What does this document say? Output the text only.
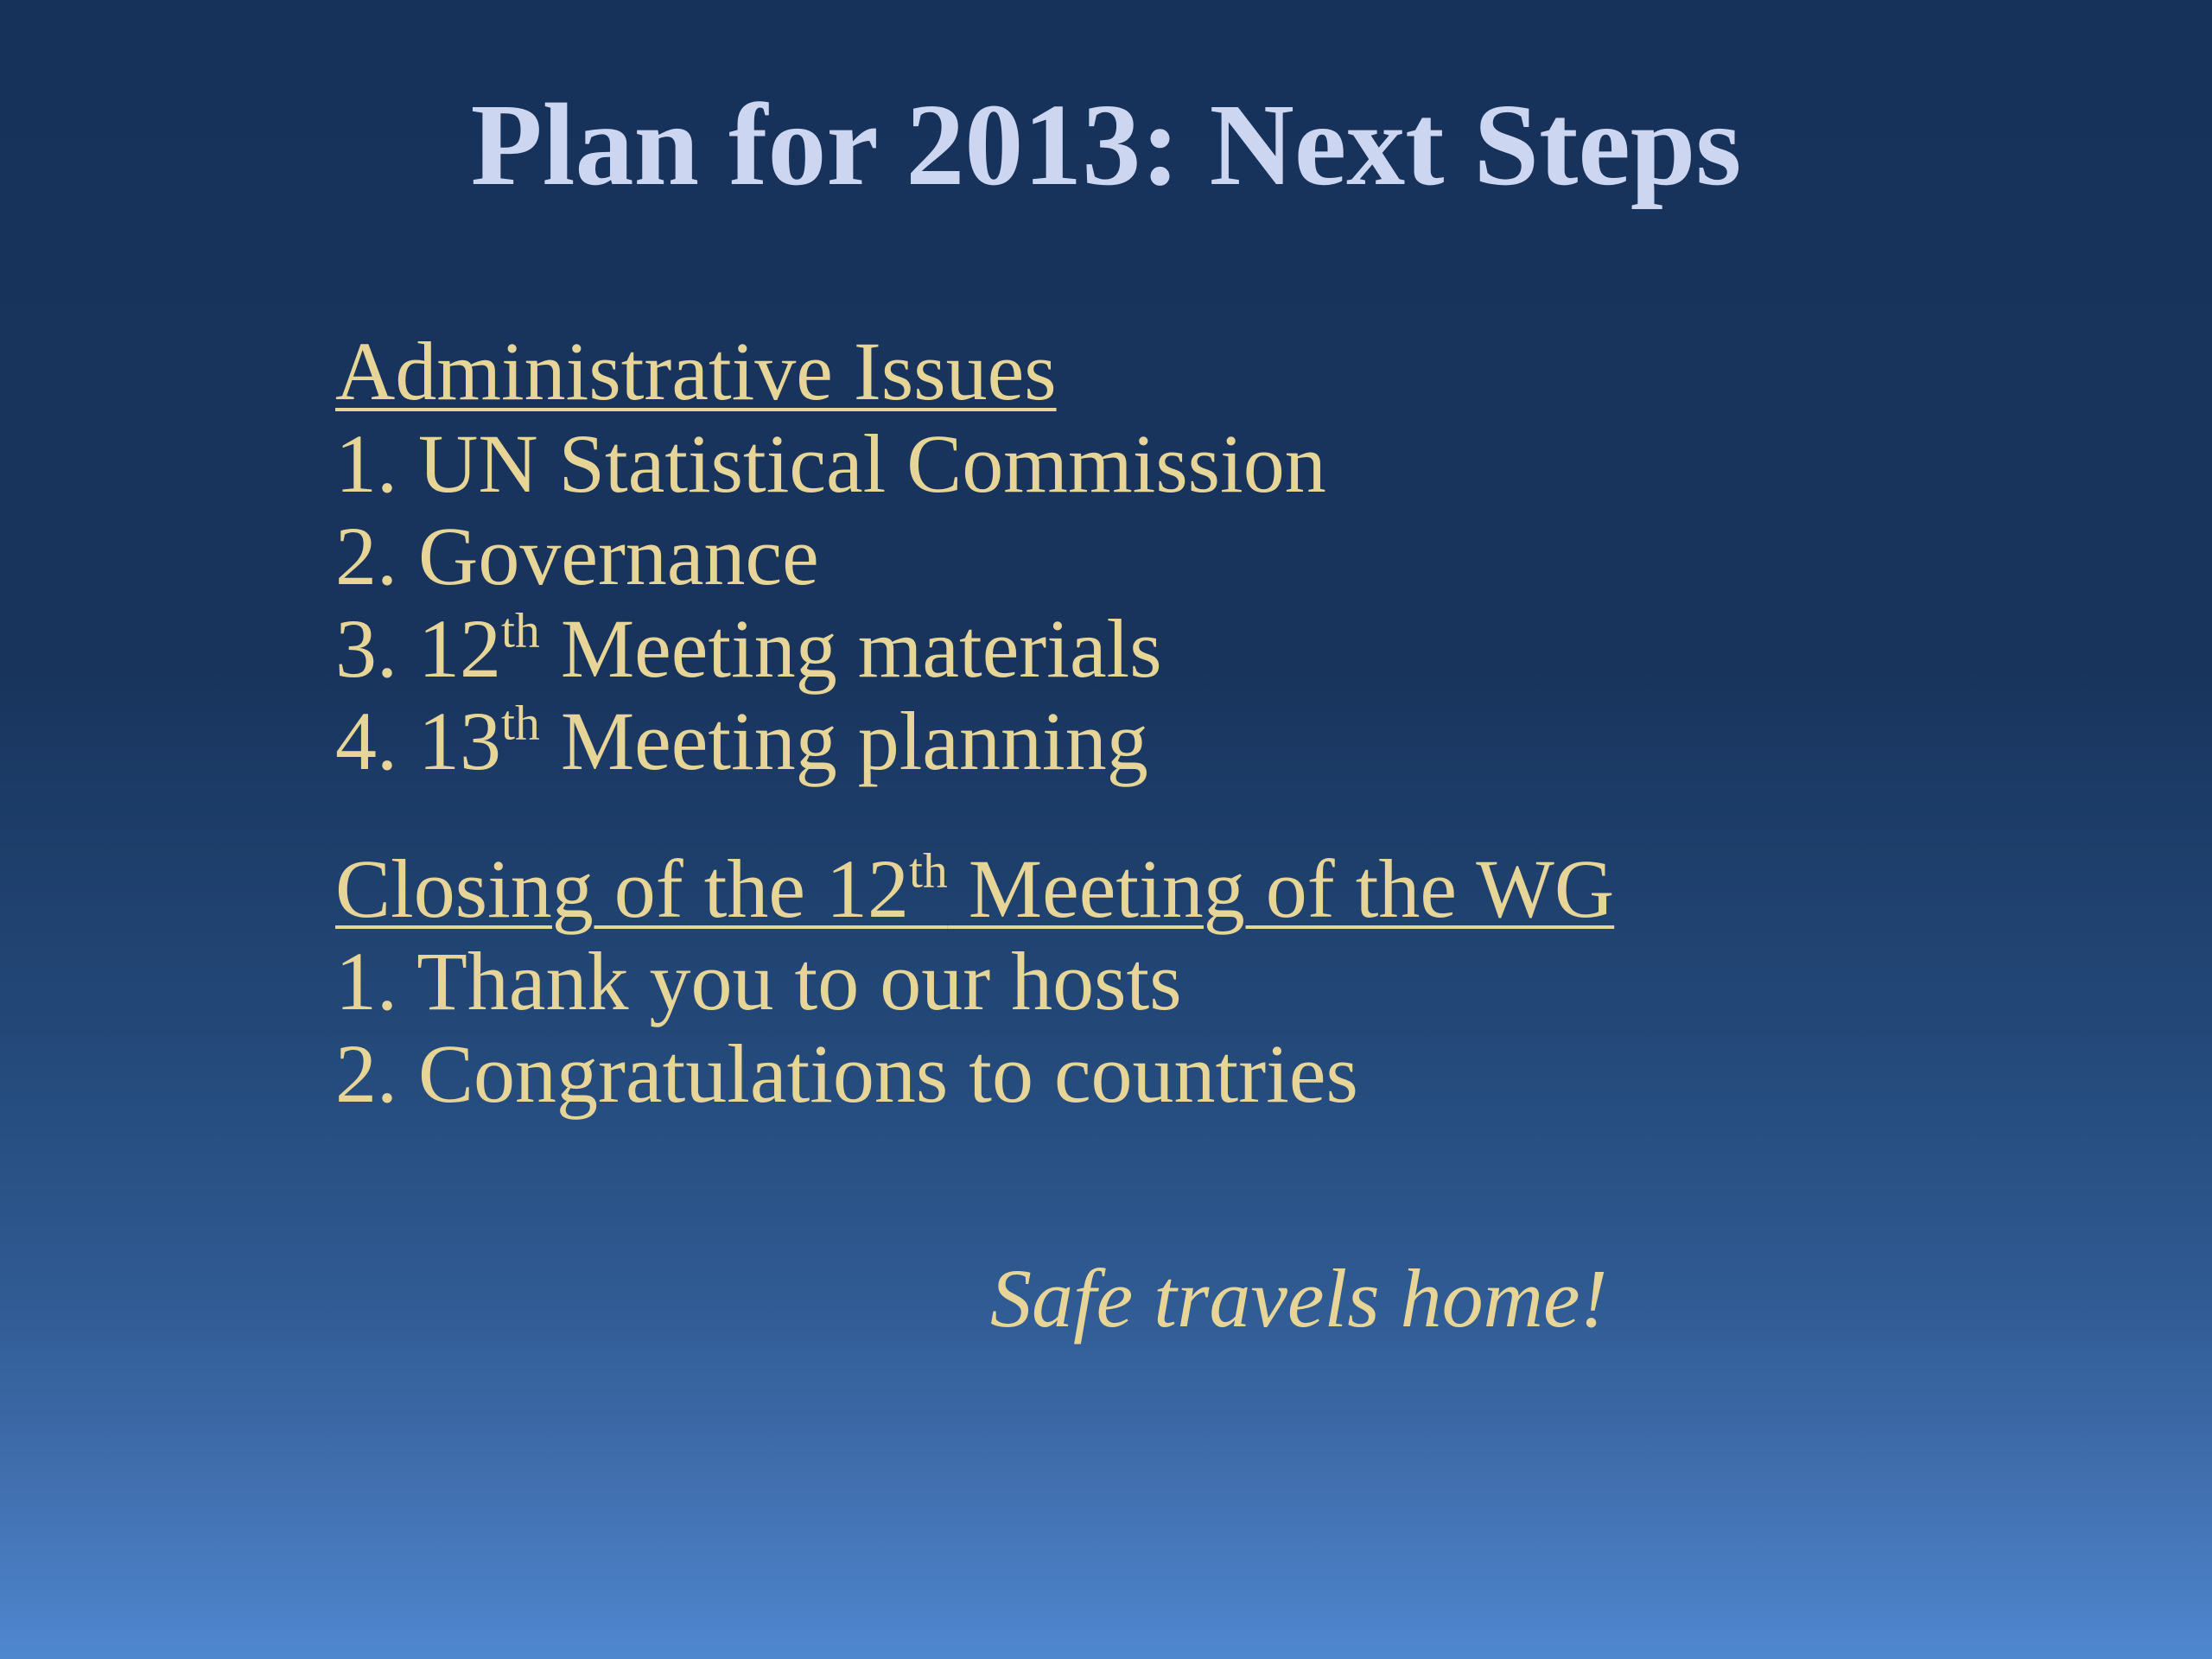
Plan for 2013: Next Steps
Administrative Issues
1. UN Statistical Commission
2. Governance
3. 12th Meeting materials
4. 13th Meeting planning
Closing of the 12th Meeting of the WG
1. Thank you to our hosts
2. Congratulations to countries

Safe travels home!
